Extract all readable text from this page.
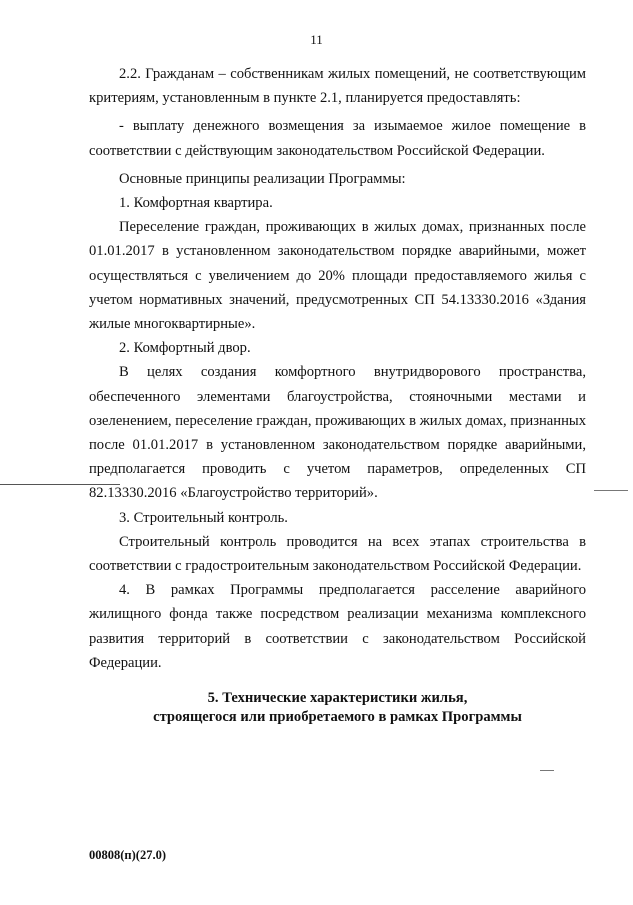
11

2.2. Гражданам – собственникам жилых помещений, не соответствующим критериям, установленным в пункте 2.1, планируется предоставлять:

- выплату денежного возмещения за изымаемое жилое помещение в соответствии с действующим законодательством Российской Федерации.

Основные принципы реализации Программы:

1. Комфортная квартира.

Переселение граждан, проживающих в жилых домах, признанных после 01.01.2017 в установленном законодательством порядке аварийными, может осуществляться с увеличением до 20% площади предоставляемого жилья с учетом нормативных значений, предусмотренных СП 54.13330.2016 «Здания жилые многоквартирные».

2. Комфортный двор.

В целях создания комфортного внутридворового пространства, обеспеченного элементами благоустройства, стояночными местами и озеленением, переселение граждан, проживающих в жилых домах, признанных после 01.01.2017 в установленном законодательством порядке аварийными, предполагается проводить с учетом параметров, определенных СП 82.13330.2016 «Благоустройство территорий».

3. Строительный контроль.

Строительный контроль проводится на всех этапах строительства в соответствии с градостроительным законодательством Российской Федерации.

4. В рамках Программы предполагается расселение аварийного жилищного фонда также посредством реализации механизма комплексного развития территорий в соответствии с законодательством Российской Федерации.

5. Технические характеристики жилья,
строящегося или приобретаемого в рамках Программы

00808(п)(27.0)
